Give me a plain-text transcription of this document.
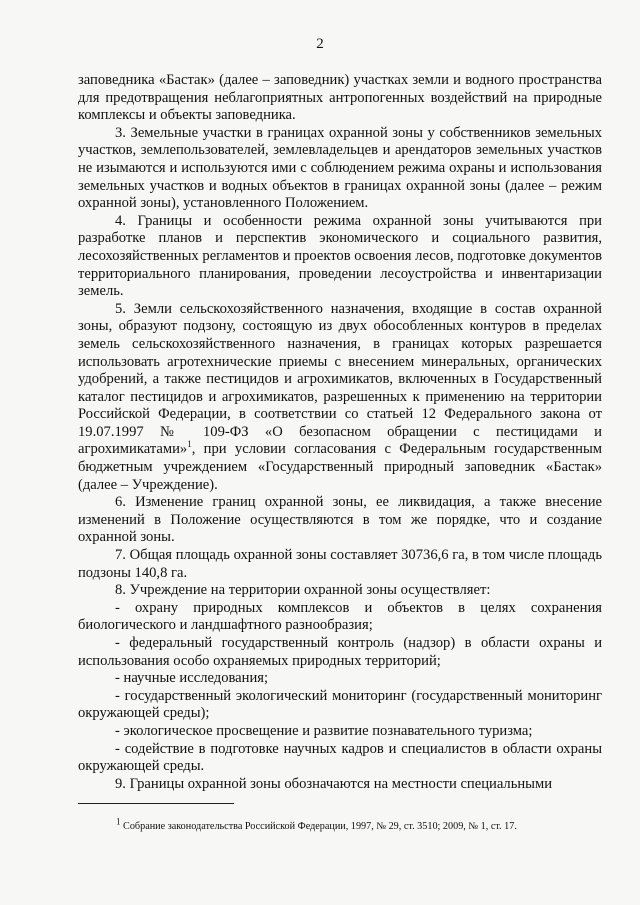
2

заповедника «Бастак» (далее – заповедник) участках земли и водного пространства для предотвращения неблагоприятных антропогенных воздействий на природные комплексы и объекты заповедника.

3. Земельные участки в границах охранной зоны у собственников земельных участков, землепользователей, землевладельцев и арендаторов земельных участков не изымаются и используются ими с соблюдением режима охраны и использования земельных участков и водных объектов в границах охранной зоны (далее – режим охранной зоны), установленного Положением.

4. Границы и особенности режима охранной зоны учитываются при разработке планов и перспектив экономического и социального развития, лесохозяйственных регламентов и проектов освоения лесов, подготовке документов территориального планирования, проведении лесоустройства и инвентаризации земель.

5. Земли сельскохозяйственного назначения, входящие в состав охранной зоны, образуют подзону, состоящую из двух обособленных контуров в пределах земель сельскохозяйственного назначения, в границах которых разрешается использовать агротехнические приемы с внесением минеральных, органических удобрений, а также пестицидов и агрохимикатов, включенных в Государственный каталог пестицидов и агрохимикатов, разрешенных к применению на территории Российской Федерации, в соответствии со статьей 12 Федерального закона от 19.07.1997 № 109-ФЗ «О безопасном обращении с пестицидами и агрохимикатами»$^1$, при условии согласования с Федеральным государственным бюджетным учреждением «Государственный природный заповедник «Бастак» (далее – Учреждение).

6. Изменение границ охранной зоны, ее ликвидация, а также внесение изменений в Положение осуществляются в том же порядке, что и создание охранной зоны.

7. Общая площадь охранной зоны составляет 30736,6 га, в том числе площадь подзоны 140,8 га.

8. Учреждение на территории охранной зоны осуществляет:

- охрану природных комплексов и объектов в целях сохранения биологического и ландшафтного разнообразия;

- федеральный государственный контроль (надзор) в области охраны и использования особо охраняемых природных территорий;

- научные исследования;

- государственный экологический мониторинг (государственный мониторинг окружающей среды);

- экологическое просвещение и развитие познавательного туризма;

- содействие в подготовке научных кадров и специалистов в области охраны окружающей среды.

9. Границы охранной зоны обозначаются на местности специальными

$^1$ Собрание законодательства Российской Федерации, 1997, № 29, ст. 3510; 2009, № 1, ст. 17.
